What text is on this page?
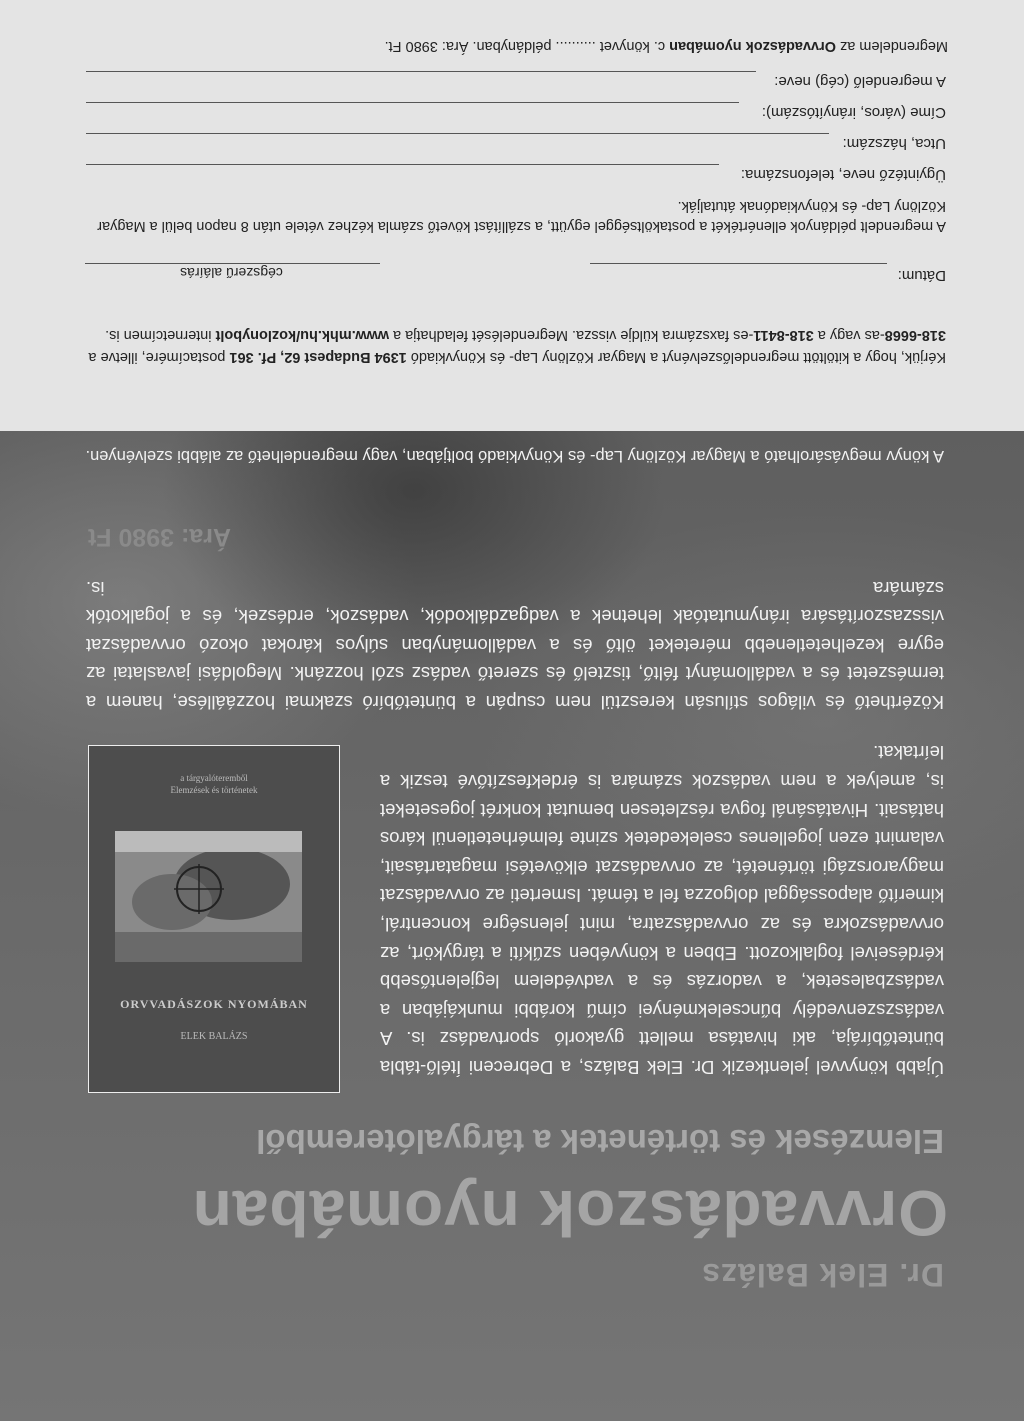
Dr. Elek Balázs
Orvvadászok nyomában
Elemzések és történetek a tárgyalóteremből

Újabb könyvvel jelentkezik Dr. Elek Balázs, a Debreceni Ítélő-tábla büntetőbírája, aki hivatása mellett gyakorló sportvadász is. A vadászszenvedély bűncselekményei című korábbi munkájában a vadászbalesetek, a vadorzás és a vadvédelem legjelentősebb kérdéseivel foglalkozott. Ebben a könyvében szűkíti a tárgykört, az orvvadászokra és az orvvadászatra, mint jelenségre koncentrál, kimerítő alapossággal dolgozza fel a témát. Ismerteti az orvvadászat magyarországi történetét, az orvvadászat elkövetési magatartásait, valamint ezen jogellenes cselekedetek szinte felmérhetetlenül káros hatásait. Hivatásánál fogva részletesen bemutat konkrét jogeseteket is, amelyek a nem vadászok számára is érdekfeszítővé teszik a leírtakat.

ELEK BALÁZS
ORVVADÁSZOK NYOMÁBAN
a tárgyalóteremből
Elemzések és történetek

Közérthető és világos stílusán keresztül nem csupán a büntetőbíró szakmai hozzáállése, hanem a természetet és a vadállományt féltő, tisztelő és szerető vadász szól hozzánk. Megoldási javaslatai az egyre kezelhetetlenebb méreteket öltő és a vadállományban súlyos károkat okozó orvvadászat visszaszorítására iránymutatóak lehetnek a vadgazdálkodók, vadászok, erdészek, és a jogalkotók számára is.

Ára: 3980 Ft

A könyv megvásárolható a Magyar Közlöny Lap- és Könyvkiadó boltjában, vagy megrendelhető az alábbi szelvényen.

Megrendelem az Orvvadászok nyomában c. könyvet .......... példányban. Ára: 3980 Ft.
A megrendelő (cég) neve:
Címe (város, irányítószám):
Utca, házszám:
Ügyintéző neve, telefonszáma:
A megrendelt példányok ellenértékét a postaköltséggel együtt, a szállítást követő számla kézhez vétele után 8 napon belül a Magyar Közlöny Lap- és Könyvkiadónak átutalják.
Dátum:
cégszerű aláírás
Kérjük, hogy a kitöltött megrendelőszelvényt a Magyar Közlöny Lap- és Könyvkiadó 1394 Budapest 62, Pf. 361 postacímére, illetve a 318-6668-as vagy a 318-8411-es faxszámra küldje vissza. Megrendelését feladhatja a www.mhk.hu/kozlonybolt internetcímen is.
